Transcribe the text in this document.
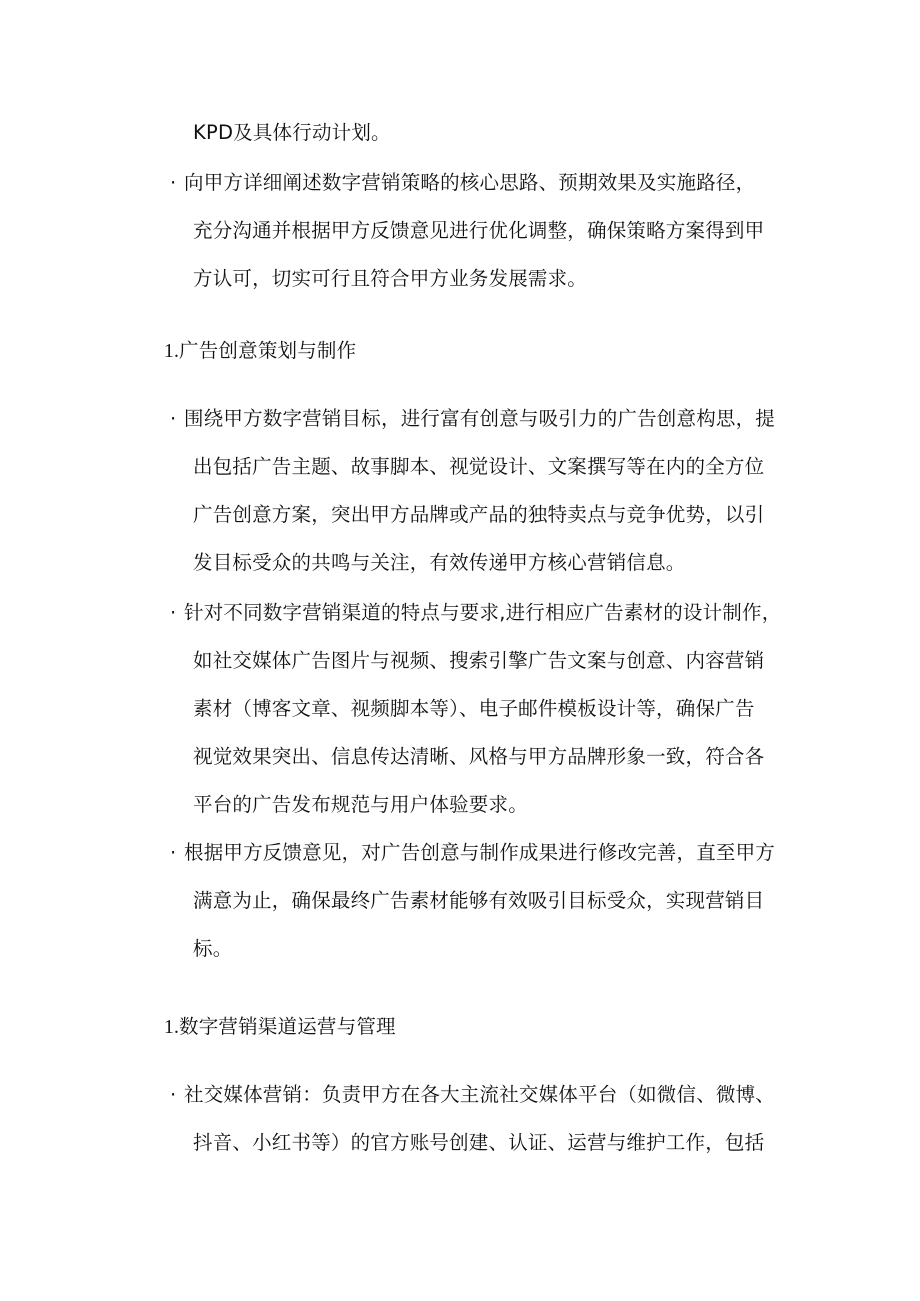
KPD及具体行动计划。
· 向甲方详细阐述数字营销策略的核心思路、预期效果及实施路径，
充分沟通并根据甲方反馈意见进行优化调整，确保策略方案得到甲
方认可，切实可行且符合甲方业务发展需求。
1.广告创意策划与制作
· 围绕甲方数字营销目标，进行富有创意与吸引力的广告创意构思，提
出包括广告主题、故事脚本、视觉设计、文案撰写等在内的全方位
广告创意方案，突出甲方品牌或产品的独特卖点与竞争优势，以引
发目标受众的共鸣与关注，有效传递甲方核心营销信息。
· 针对不同数字营销渠道的特点与要求,进行相应广告素材的设计制作，
如社交媒体广告图片与视频、搜索引擎广告文案与创意、内容营销
素材（博客文章、视频脚本等）、电子邮件模板设计等，确保广告
视觉效果突出、信息传达清晰、风格与甲方品牌形象一致，符合各
平台的广告发布规范与用户体验要求。
· 根据甲方反馈意见，对广告创意与制作成果进行修改完善，直至甲方
满意为止，确保最终广告素材能够有效吸引目标受众，实现营销目
标。
1.数字营销渠道运营与管理
· 社交媒体营销：负责甲方在各大主流社交媒体平台（如微信、微博、
抖音、小红书等）的官方账号创建、认证、运营与维护工作，包括
